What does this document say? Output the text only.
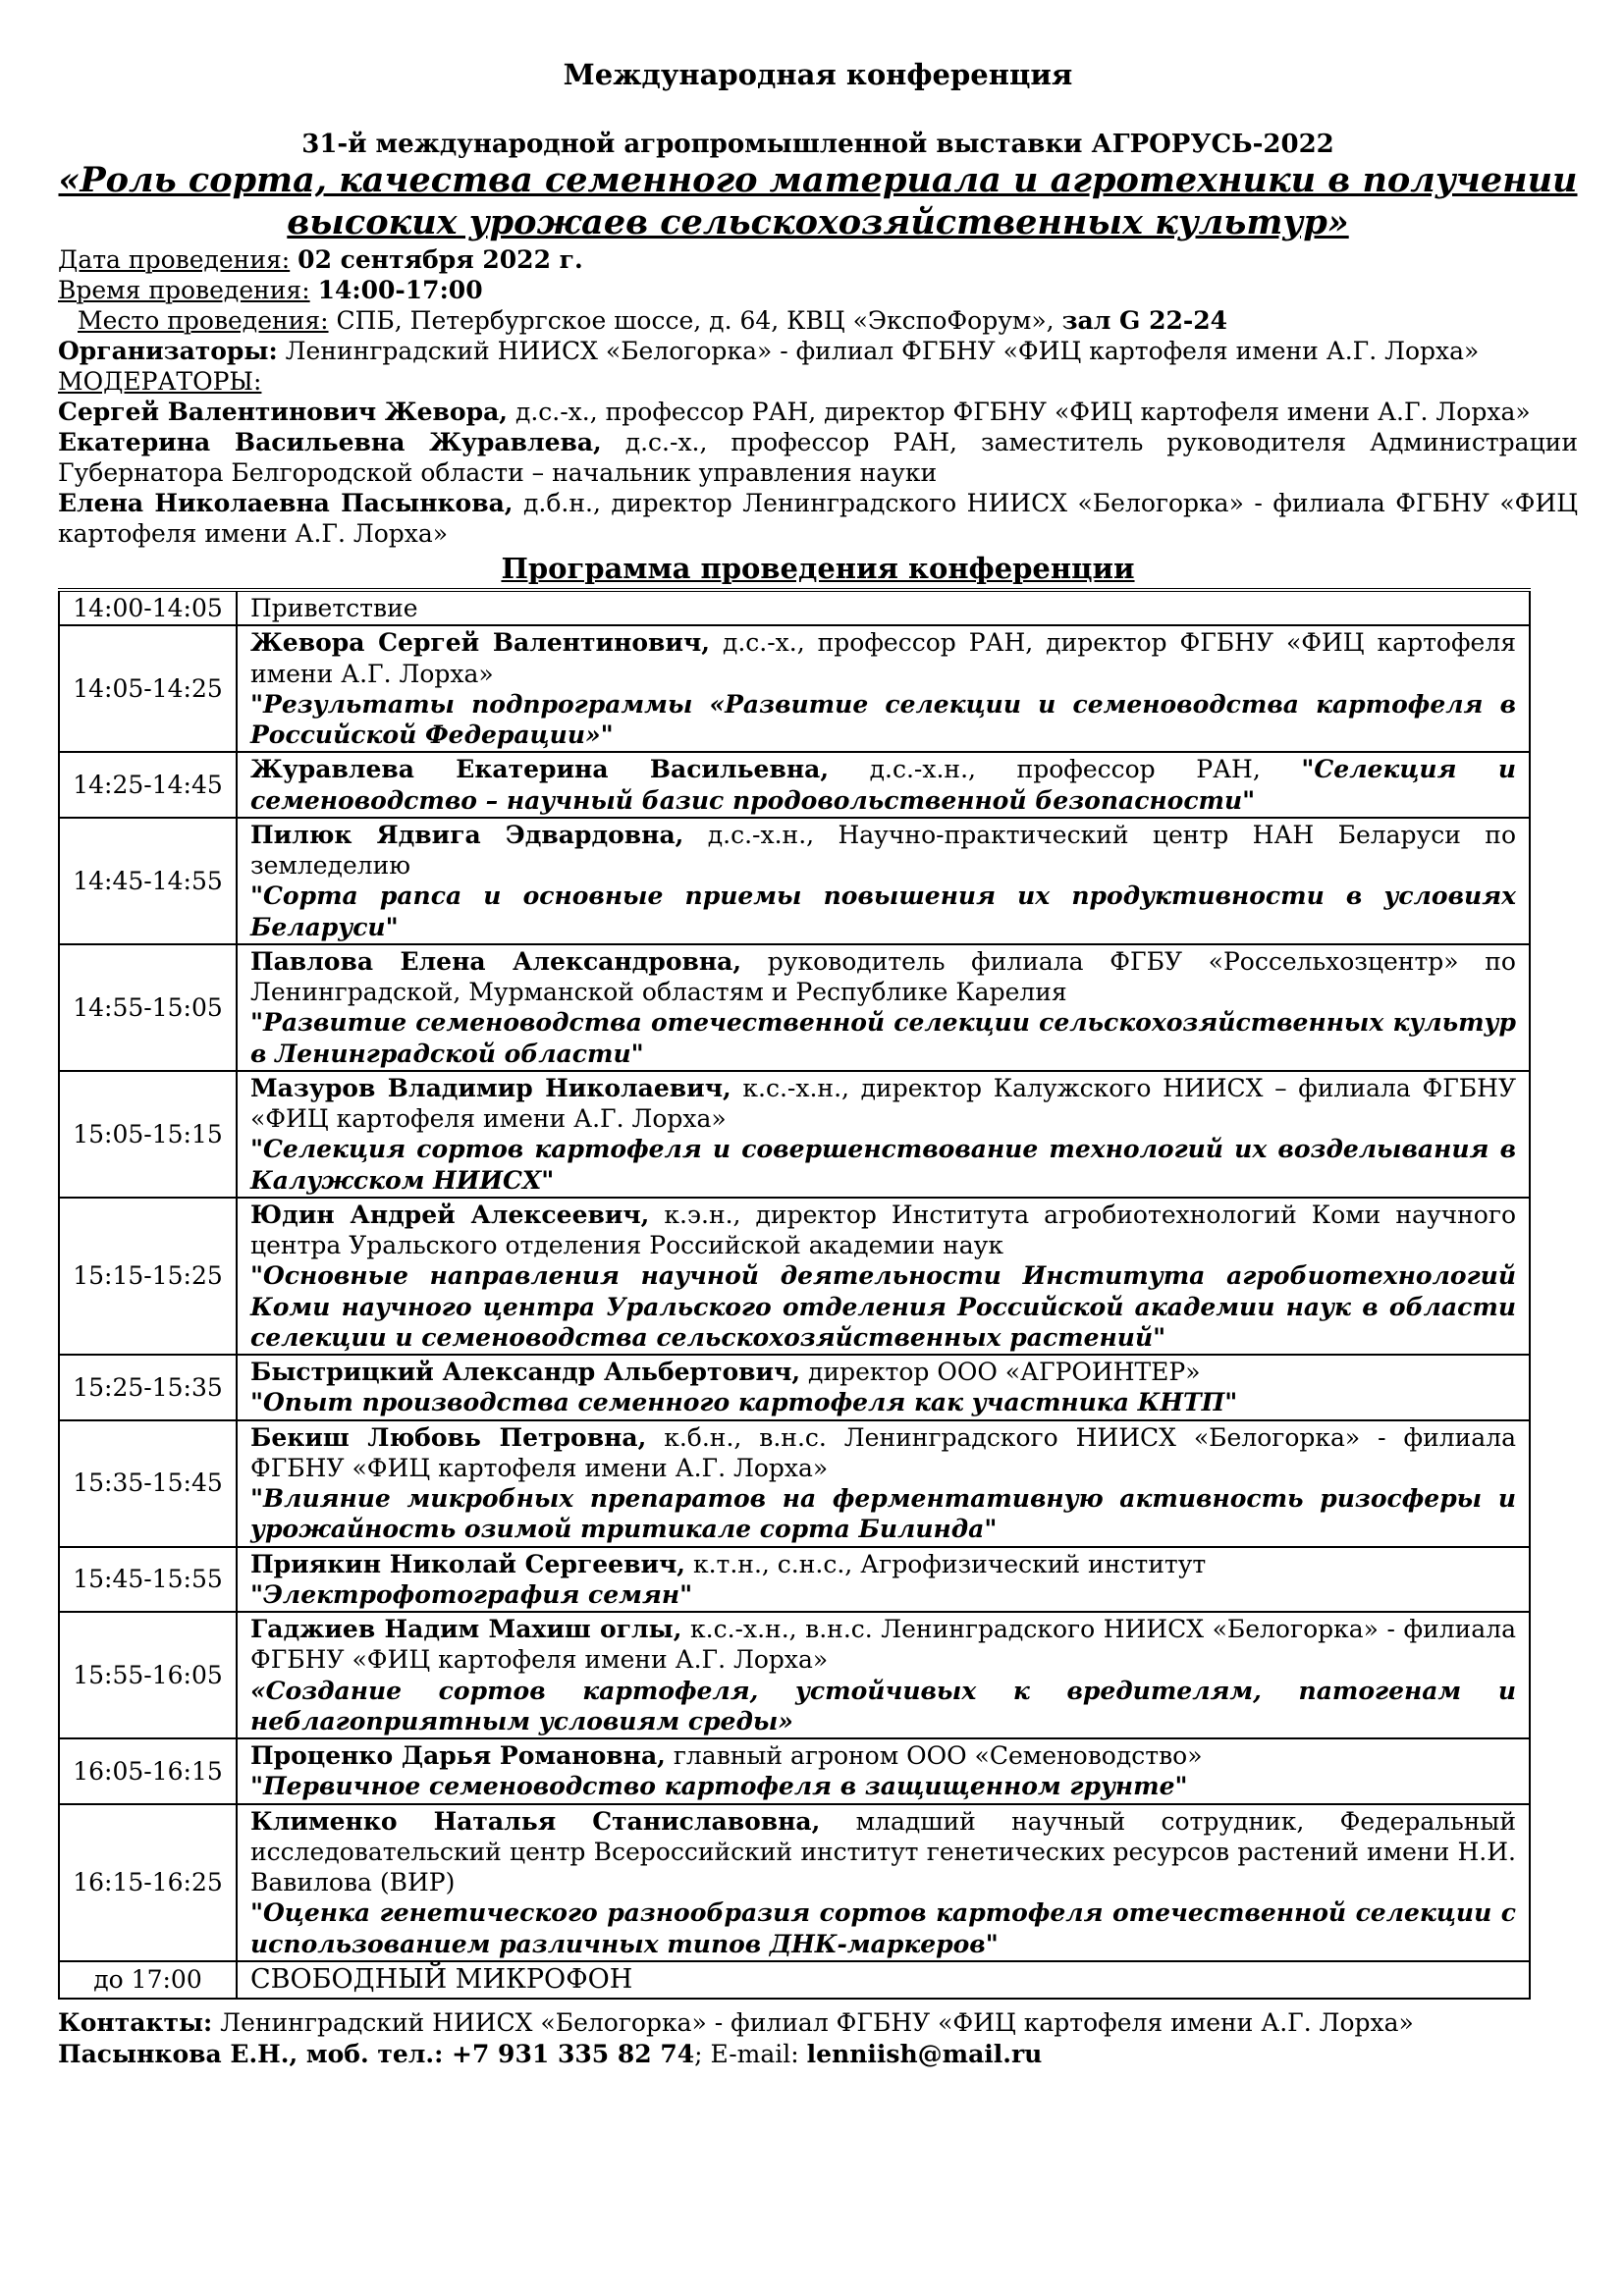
Международная конференция
31-й международной агропромышленной выставки АГРОРУСЬ-2022
«Роль сорта, качества семенного материала и агротехники в получении высоких урожаев сельскохозяйственных культур»

Дата проведения: 02 сентября 2022 г.

Время проведения: 14:00-17:00

Место проведения: СПБ, Петербургское шоссе, д. 64, КВЦ «ЭкспоФорум», зал G 22-24

Организаторы: Ленинградский НИИСХ «Белогорка» - филиал ФГБНУ «ФИЦ картофеля имени А.Г. Лорха»

МОДЕРАТОРЫ:

Сергей Валентинович Жевора, д.с.-х., профессор РАН, директор ФГБНУ «ФИЦ картофеля имени А.Г. Лорха»

Екатерина Васильевна Журавлева, д.с.-х., профессор РАН, заместитель руководителя Администрации Губернатора Белгородской области – начальник управления науки

Елена Николаевна Пасынкова, д.б.н., директор Ленинградского НИИСХ «Белогорка» - филиала ФГБНУ «ФИЦ картофеля имени А.Г. Лорха»

Программа проведения конференции
14:00-14:05	Приветствие
14:05-14:25	Жевора Сергей Валентинович, д.с.-х., профессор РАН, директор ФГБНУ «ФИЦ картофеля имени А.Г. Лорха»
"Результаты подпрограммы «Развитие селекции и семеноводства картофеля в Российской Федерации»"

14:25-14:45	Журавлева Екатерина Васильевна, д.с.-х.н., профессор РАН, "Селекция и семеноводство – научный базис продовольственной безопасности"

14:45-14:55	Пилюк Ядвига Эдвардовна, д.с.-х.н., Научно-практический центр НАН Беларуси по земледелию
"Сорта рапса и основные приемы повышения их продуктивности в условиях Беларуси"

14:55-15:05	Павлова Елена Александровна, руководитель филиала ФГБУ «Россельхозцентр» по Ленинградской, Мурманской областям и Республике Карелия
"Развитие семеноводства отечественной селекции сельскохозяйственных культур в Ленинградской области"

15:05-15:15	Мазуров Владимир Николаевич, к.с.-х.н., директор Калужского НИИСХ – филиала ФГБНУ «ФИЦ картофеля имени А.Г. Лорха»
"Селекция сортов картофеля и совершенствование технологий их возделывания в Калужском НИИСХ"

15:15-15:25	Юдин Андрей Алексеевич, к.э.н., директор Института агробиотехнологий Коми научного центра Уральского отделения Российской академии наук
"Основные направления научной деятельности Института агробиотехнологий Коми научного центра Уральского отделения Российской академии наук в области селекции и семеноводства сельскохозяйственных растений"

15:25-15:35	Быстрицкий Александр Альбертович, директор ООО «АГРОИНТЕР»
"Опыт производства семенного картофеля как участника КНТП"

15:35-15:45	Бекиш Любовь Петровна, к.б.н., в.н.с. Ленинградского НИИСХ «Белогорка» - филиала ФГБНУ «ФИЦ картофеля имени А.Г. Лорха»
"Влияние микробных препаратов на ферментативную активность ризосферы и урожайность озимой тритикале сорта Билинда"

15:45-15:55	Приякин Николай Сергеевич, к.т.н., с.н.с., Агрофизический институт
"Электрофотография семян"

15:55-16:05	Гаджиев Надим Махиш оглы, к.с.-х.н., в.н.с. Ленинградского НИИСХ «Белогорка» - филиала ФГБНУ «ФИЦ картофеля имени А.Г. Лорха»
«Создание сортов картофеля, устойчивых к вредителям, патогенам и неблагоприятным условиям среды»

16:05-16:15	Проценко Дарья Романовна, главный агроном ООО «Семеноводство»
"Первичное семеноводство картофеля в защищенном грунте"

16:15-16:25	Клименко Наталья Станиславовна, младший научный сотрудник, Федеральный исследовательский центр Всероссийский институт генетических ресурсов растений имени Н.И. Вавилова (ВИР)
"Оценка генетического разнообразия сортов картофеля отечественной селекции с использованием различных типов ДНК-маркеров"

до 17:00	СВОБОДНЫЙ МИКРОФОН
Контакты: Ленинградский НИИСХ «Белогорка» - филиал ФГБНУ «ФИЦ картофеля имени А.Г. Лорха»
Пасынкова Е.Н., моб. тел.: +7 931 335 82 74; E-mail: lenniish@mail.ru
